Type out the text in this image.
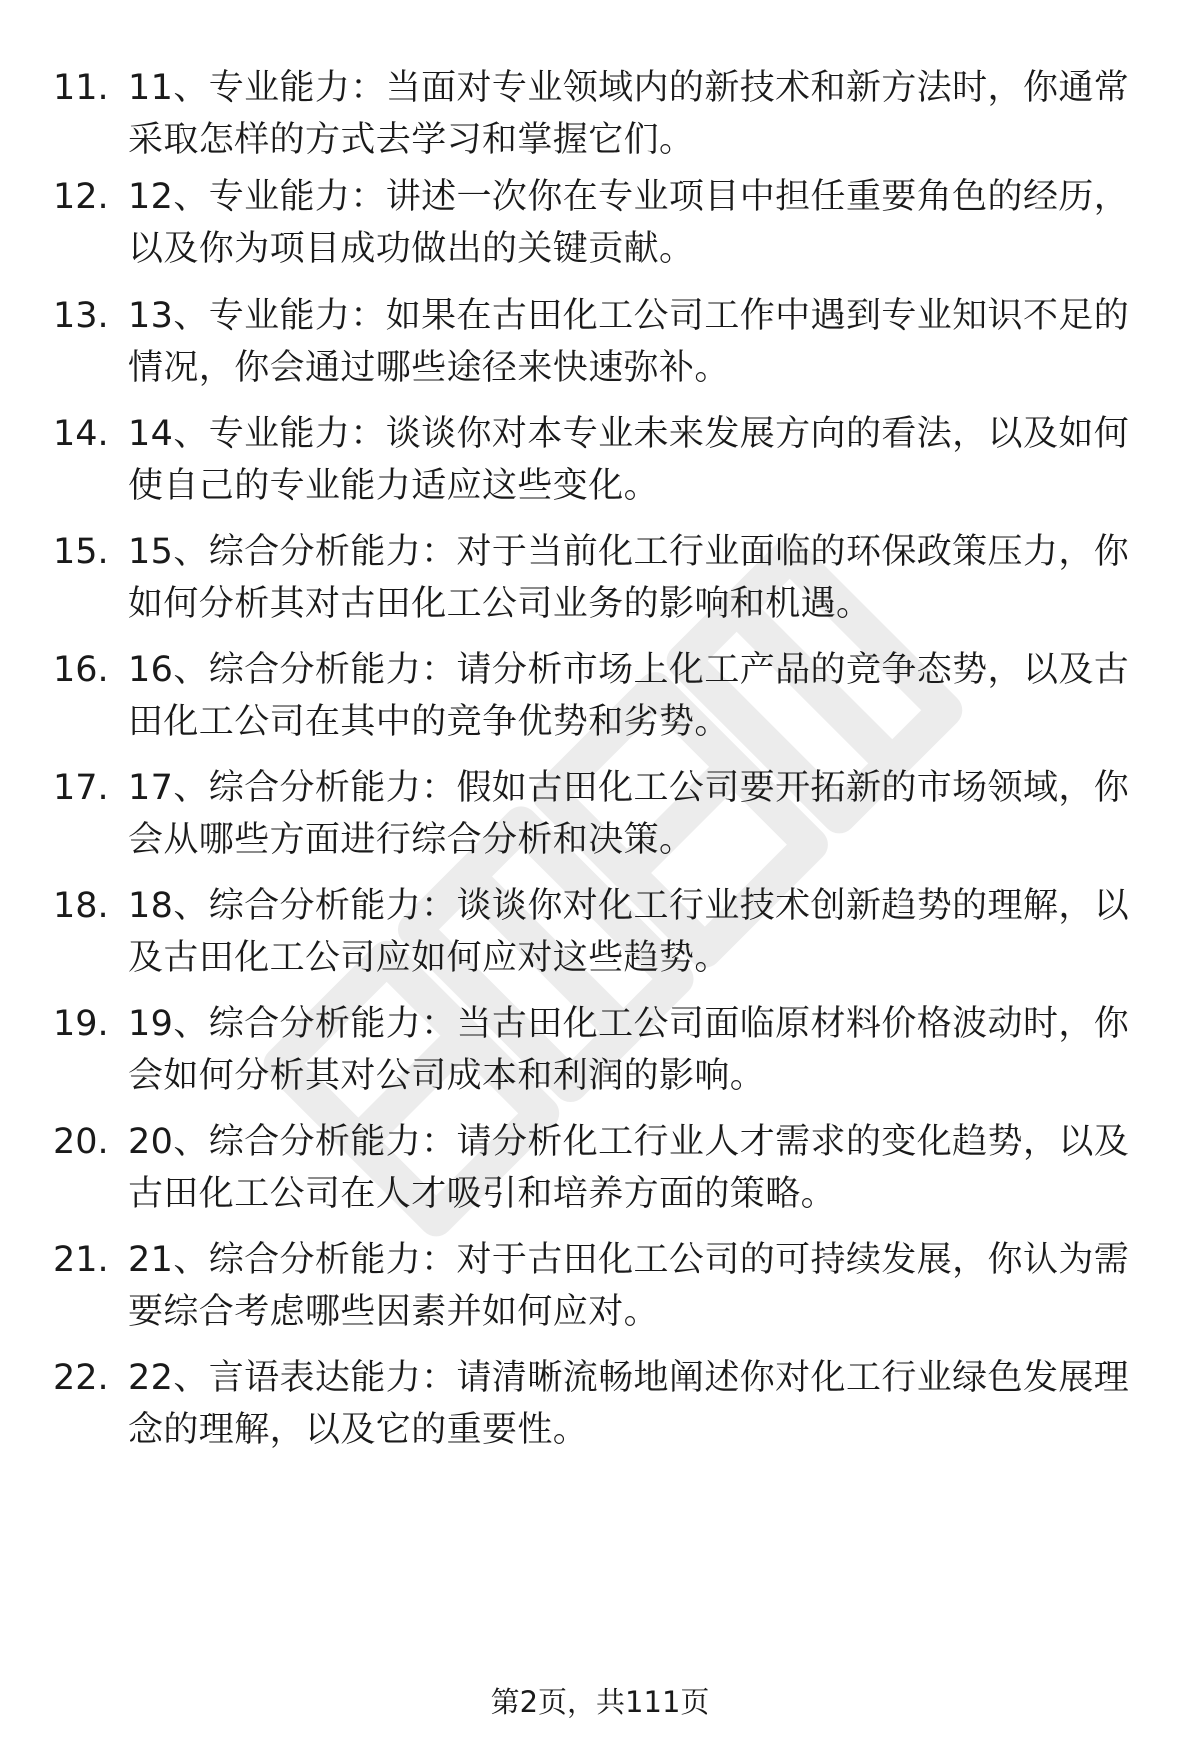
11. 11、专业能力：当面对专业领域内的新技术和新方法时，你通常采取怎样的方式去学习和掌握它们。
12. 12、专业能力：讲述一次你在专业项目中担任重要角色的经历，以及你为项目成功做出的关键贡献。
13. 13、专业能力：如果在古田化工公司工作中遇到专业知识不足的情况，你会通过哪些途径来快速弥补。
14. 14、专业能力：谈谈你对本专业未来发展方向的看法，以及如何使自己的专业能力适应这些变化。
15. 15、综合分析能力：对于当前化工行业面临的环保政策压力，你如何分析其对古田化工公司业务的影响和机遇。
16. 16、综合分析能力：请分析市场上化工产品的竞争态势，以及古田化工公司在其中的竞争优势和劣势。
17. 17、综合分析能力：假如古田化工公司要开拓新的市场领域，你会从哪些方面进行综合分析和决策。
18. 18、综合分析能力：谈谈你对化工行业技术创新趋势的理解，以及古田化工公司应如何应对这些趋势。
19. 19、综合分析能力：当古田化工公司面临原材料价格波动时，你会如何分析其对公司成本和利润的影响。
20. 20、综合分析能力：请分析化工行业人才需求的变化趋势，以及古田化工公司在人才吸引和培养方面的策略。
21. 21、综合分析能力：对于古田化工公司的可持续发展，你认为需要综合考虑哪些因素并如何应对。
22. 22、言语表达能力：请清晰流畅地阐述你对化工行业绿色发展理念的理解，以及它的重要性。
第2页，共111页
